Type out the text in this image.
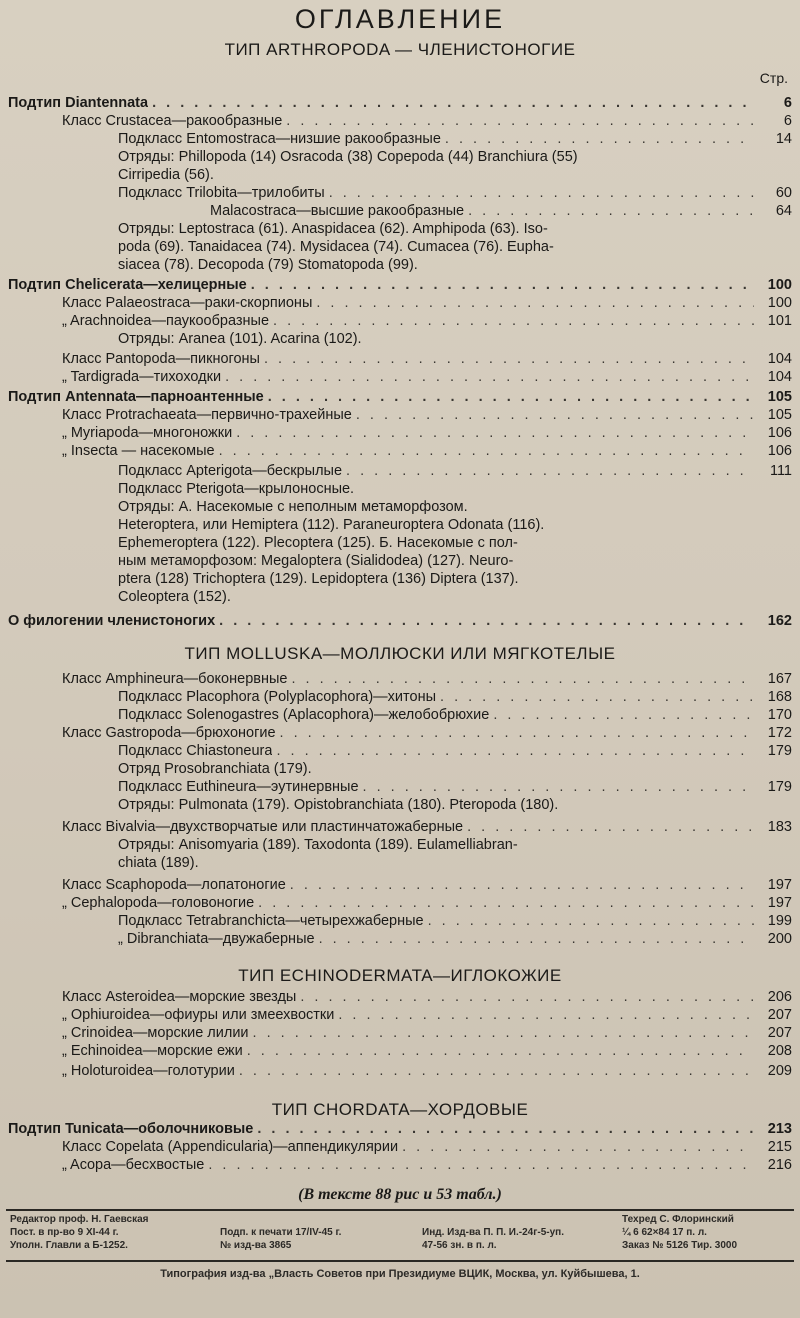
ОГЛАВЛЕНИЕ
ТИП ARTHROPODA — ЧЛЕНИСТОНОГИЕ
Стр.
Подтип Diantennata . . .	6
Класс Crustacea—ракообразные . . .	6
Подкласс Entomostraca—низшие ракообразные . . .	14
Отряды: Phillopoda (14) Osracoda (38) Copepoda (44) Branchiura (55)
Cirripedia (56).
Подкласс Trilobita—трилобиты . . .	60
Malacostraca—высшие ракообразные . . .	64
Отряды: Leptostraca (61). Anaspidacea (62). Amphipoda (63). Iso-
poda (69). Tanaidacea (74). Mysidacea (74). Cumacea (76). Eupha-
siacea (78). Decopoda (79) Stomatopoda (99).
Подтип Chelicerata—хелицерные . . .	100
Класс Palaeostraca—раки-скорпионы . . .	100
„ Arachnoidea—паукообразные . . .	101
Отряды: Aranea (101). Acarina (102).
Класс Pantopoda—пикногоны . . .	104
„ Tardigrada—тихоходки . . .	104
Подтип Antennata—парноантенные . . .	105
Класс Protrachaeata—первично-трахейные . . .	105
„ Myriapoda—многоножки . . .	106
„ Insecta — насекомые . . .	106
Подкласс Apterigota—бескрылые . . .	111
Подкласс Pterigota—крылоносные.
Отряды: А. Насекомые с неполным метаморфозом.
Heteroptera, или Hemiptera (112). Paraneuroptera Odonata (116).
Ephemeroptera (122). Plecoptera (125). Б. Насекомые с пол-
ным метаморфозом: Megaloptera (Sialidodea) (127). Neuro-
ptera (128) Trichoptera (129). Lepidoptera (136) Diptera (137).
Coleoptera (152).
О филогении членистоногих . . .	162
Класс Amphineura—боконервные . . .	167
Подкласс Placophora (Polyplacophora)—хитоны . . .	168
Подкласс Solenogastres (Aplacophora)—желобобрюхие . . .	170
Класс Gastropoda—брюхоногие . . .	172
Подкласс Chiastoneura . . .	179
Отряд Prosobranchiata (179).
Подкласс Euthineura—эутинервные . . .	179
Отряды: Pulmonata (179). Opistobranchiata (180). Pteropoda (180).
Класс Bivalvia—двухстворчатые или пластинчатожаберные . . .	183
Отряды: Anisomyaria (189). Taxodonta (189). Eulamelliabran-
chiata (189).
Класс Scaphopoda—лопатоногие . . .	197
„ Cephalopoda—головоногие . . .	197
Подкласс Tetrabranchicta—четырехжаберные . . .	199
„ Dibranchiata—двужаберные . . .	200
Класс Asteroidea—морские звезды . . .	206
„ Ophiuroidea—офиуры или змеехвостки . . .	207
„ Crinoidea—морские лилии . . .	207
„ Echinoidea—морские ежи . . .	208
„ Holoturoidea—голотурии . . .	209
Подтип Tunicata—оболочниковые . . .	213
Класс Copelata (Appendicularia)—аппендикулярии . . .	215
„ Acopa—бесхвостые . . .	216
ТИП MOLLUSKA—МОЛЛЮСКИ ИЛИ МЯГКОТЕЛЫЕ
ТИП ECHINODERMATA—ИГЛОКОЖИЕ
ТИП CHORDATA—ХОРДОВЫЕ
(В тексте 88 рис и 53 табл.)
Редактор проф. Н. Гаевская
Пост. в пр-во 9 XI-44 г.
Уполн. Главли а Б-1252.

Подп. к печати 17/IV-45 г.
№ изд-ва 3865

Инд. Изд-ва П. П. И.-24г-5-уп.
47-56 зн. в п. л.
Техред С. Флоринский
¼ 6 62×84 17 п. л.
Заказ № 5126 Тир. 3000
Типография изд-ва „Власть Советов при Президиуме ВЦИК, Москва, ул. Куйбышева, 1.
